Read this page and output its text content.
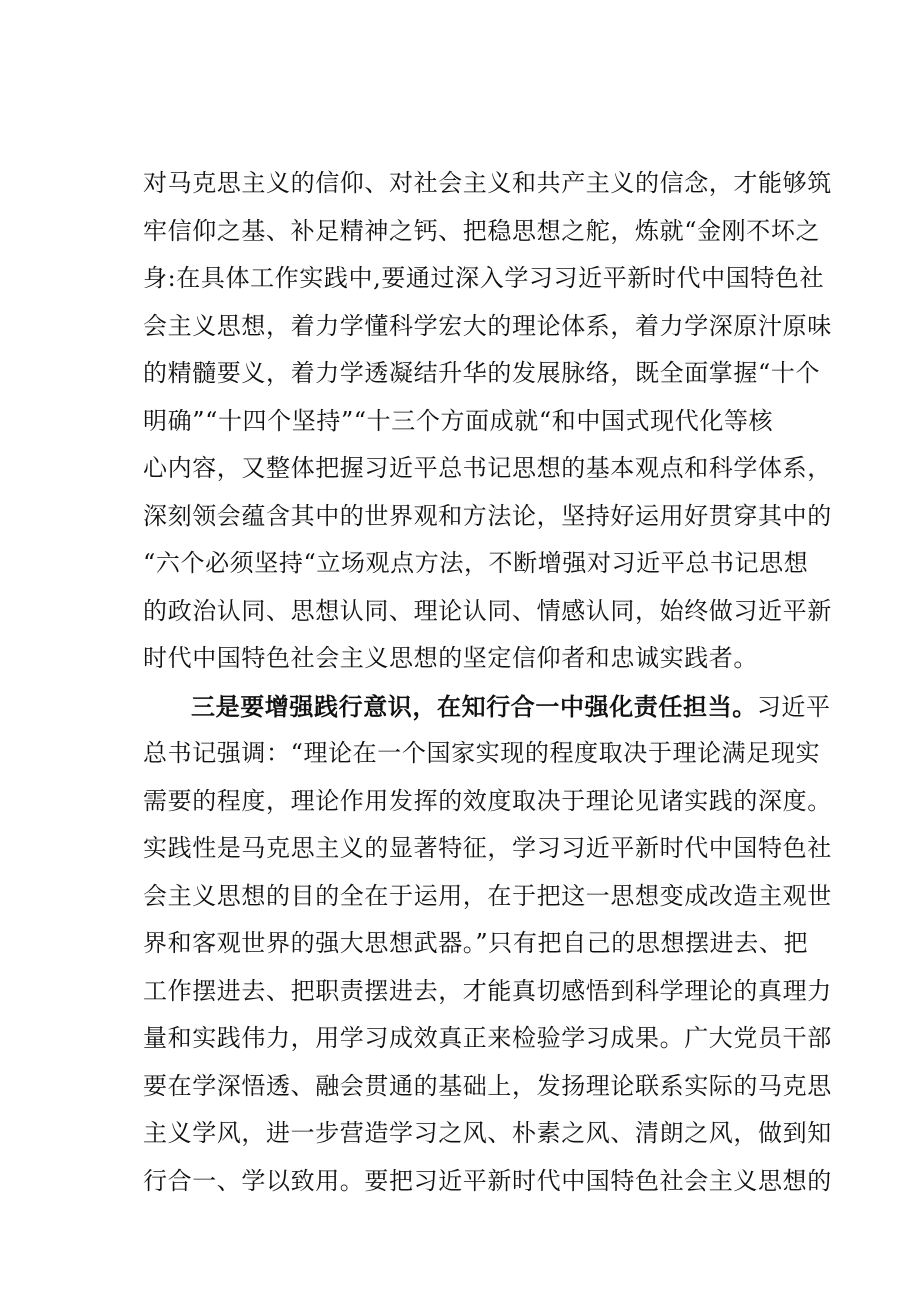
对马克思主义的信仰、对社会主义和共产主义的信念，才能够筑
牢信仰之基、补足精神之钙、把稳思想之舵，炼就“金刚不坏之
身:在具体工作实践中,要通过深入学习习近平新时代中国特色社
会主义思想，着力学懂科学宏大的理论体系，着力学深原汁原味
的精髓要义，着力学透凝结升华的发展脉络，既全面掌握“十个
明确”“十四个坚持”“十三个方面成就“和中国式现代化等核
心内容，又整体把握习近平总书记思想的基本观点和科学体系，
深刻领会蕴含其中的世界观和方法论，坚持好运用好贯穿其中的
“六个必须坚持“立场观点方法，不断增强对习近平总书记思想
的政治认同、思想认同、理论认同、情感认同，始终做习近平新
时代中国特色社会主义思想的坚定信仰者和忠诚实践者。
三是要增强践行意识，在知行合一中强化责任担当。习近平
总书记强调：“理论在一个国家实现的程度取决于理论满足现实
需要的程度，理论作用发挥的效度取决于理论见诸实践的深度。
实践性是马克思主义的显著特征，学习习近平新时代中国特色社
会主义思想的目的全在于运用，在于把这一思想变成改造主观世
界和客观世界的强大思想武器。”只有把自己的思想摆进去、把
工作摆进去、把职责摆进去，才能真切感悟到科学理论的真理力
量和实践伟力，用学习成效真正来检验学习成果。广大党员干部
要在学深悟透、融会贯通的基础上，发扬理论联系实际的马克思
主义学风，进一步营造学习之风、朴素之风、清朗之风，做到知
行合一、学以致用。要把习近平新时代中国特色社会主义思想的
